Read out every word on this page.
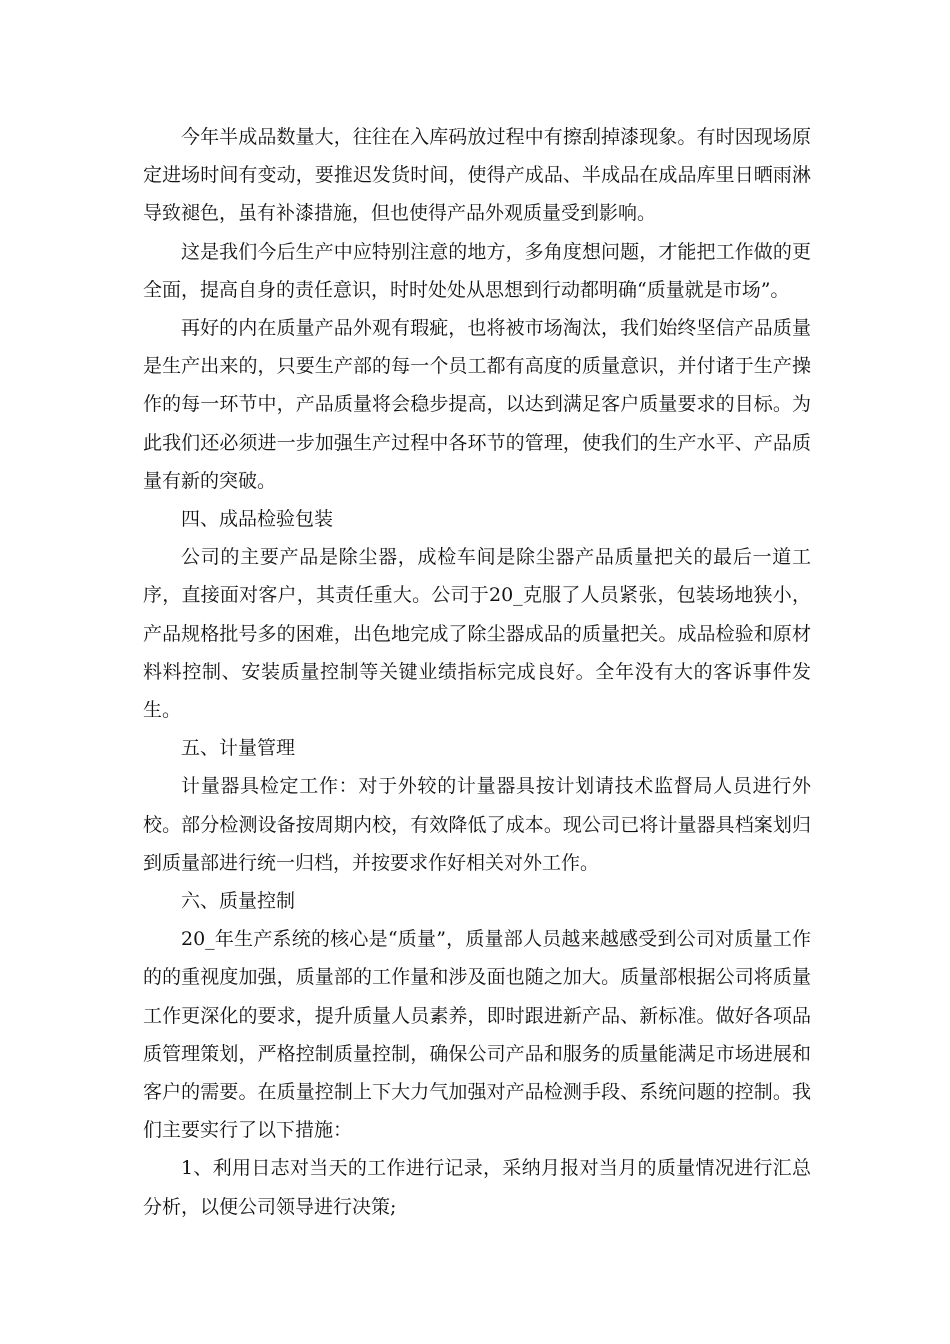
今年半成品数量大，往往在入库码放过程中有擦刮掉漆现象。有时因现场原定进场时间有变动，要推迟发货时间，使得产成品、半成品在成品库里日晒雨淋导致褪色，虽有补漆措施，但也使得产品外观质量受到影响。

这是我们今后生产中应特别注意的地方，多角度想问题，才能把工作做的更全面，提高自身的责任意识，时时处处从思想到行动都明确“质量就是市场”。

再好的内在质量产品外观有瑕疵，也将被市场淘汰，我们始终坚信产品质量是生产出来的，只要生产部的每一个员工都有高度的质量意识，并付诸于生产操作的每一环节中，产品质量将会稳步提高，以达到满足客户质量要求的目标。为此我们还必须进一步加强生产过程中各环节的管理，使我们的生产水平、产品质量有新的突破。

四、成品检验包装

公司的主要产品是除尘器，成检车间是除尘器产品质量把关的最后一道工序，直接面对客户，其责任重大。公司于20_克服了人员紧张，包装场地狭小，产品规格批号多的困难，出色地完成了除尘器成品的质量把关。成品检验和原材料料控制、安装质量控制等关键业绩指标完成良好。全年没有大的客诉事件发生。

五、计量管理

计量器具检定工作：对于外较的计量器具按计划请技术监督局人员进行外校。部分检测设备按周期内校，有效降低了成本。现公司已将计量器具档案划归到质量部进行统一归档，并按要求作好相关对外工作。

六、质量控制

20_年生产系统的核心是“质量”，质量部人员越来越感受到公司对质量工作的的重视度加强，质量部的工作量和涉及面也随之加大。质量部根据公司将质量工作更深化的要求，提升质量人员素养，即时跟进新产品、新标准。做好各项品质管理策划，严格控制质量控制，确保公司产品和服务的质量能满足市场进展和客户的需要。在质量控制上下大力气加强对产品检测手段、系统问题的控制。我们主要实行了以下措施：

1、利用日志对当天的工作进行记录，采纳月报对当月的质量情况进行汇总分析，以便公司领导进行决策;
